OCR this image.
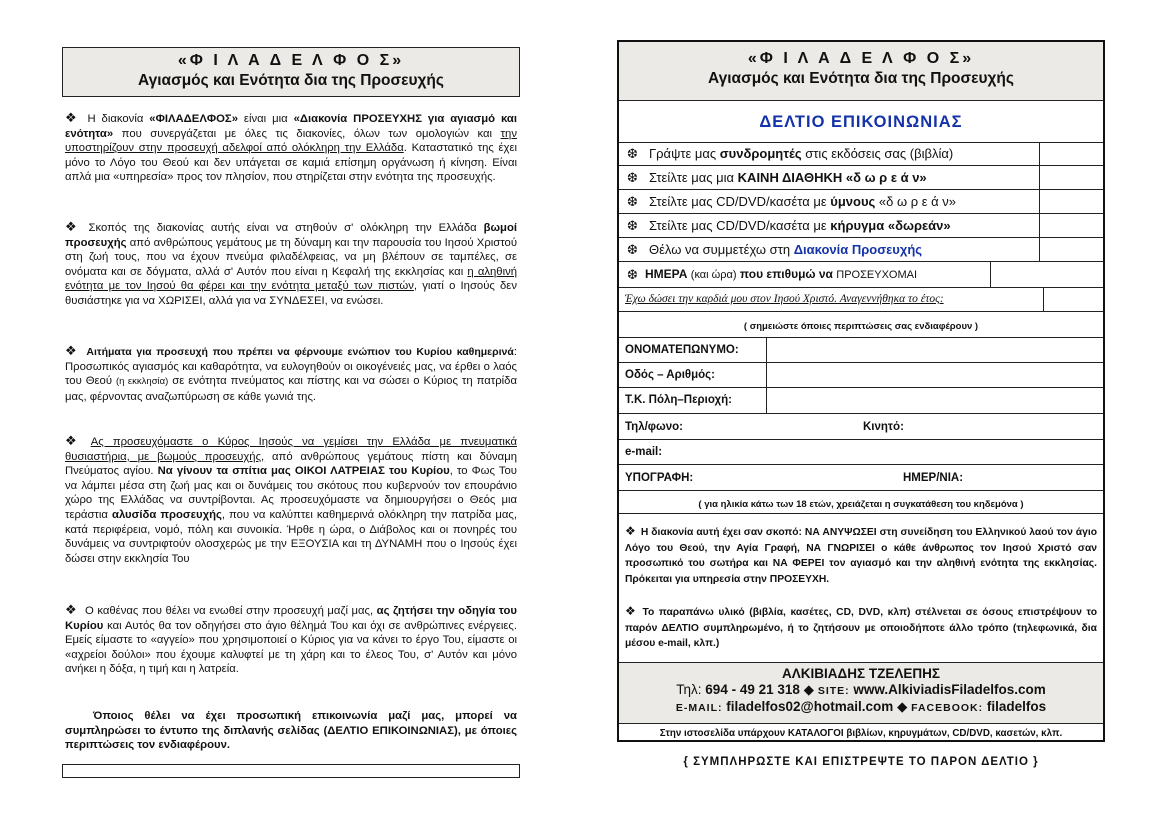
«Φ Ι Λ Α Δ Ε Λ Φ Ο Σ»
Αγιασμός και Ενότητα δια της Προσευχής
❖ Η διακονία «ΦΙΛΑΔΕΛΦΟΣ» είναι μια «Διακονία ΠΡΟΣΕΥΧΗΣ για αγιασμό και ενότητα» που συνεργάζεται με όλες τις διακονίες, όλων των ομολογιών και την υποστηρίζουν στην προσευχή αδελφοί από ολόκληρη την Ελλάδα. Καταστατικό της έχει μόνο το Λόγο του Θεού και δεν υπάγεται σε καμιά επίσημη οργάνωση ή κίνηση. Είναι απλά μια «υπηρεσία» προς τον πλησίον, που στηρίζεται στην ενότητα της προσευχής.
❖ Σκοπός της διακονίας αυτής είναι να στηθούν σ' ολόκληρη την Ελλάδα βωμοί προσευχής από ανθρώπους γεμάτους με τη δύναμη και την παρουσία του Ιησού Χριστού στη ζωή τους, που να έχουν πνεύμα φιλαδέλφειας, να μη βλέπουν σε ταμπέλες, σε ονόματα και σε δόγματα, αλλά σ' Αυτόν που είναι η Κεφαλή της εκκλησίας και η αληθινή ενότητα με τον Ιησού θα φέρει και την ενότητα μεταξύ των πιστών, γιατί ο Ιησούς δεν θυσιάστηκε για να ΧΩΡΙΣΕΙ, αλλά για να ΣΥΝΔΕΣΕΙ, να ενώσει.
❖ Αιτήματα για προσευχή που πρέπει να φέρνουμε ενώπιον του Κυρίου καθημερινά: Προσωπικός αγιασμός και καθαρότητα, να ευλογηθούν οι οικογένειές μας, να έρθει ο λαός του Θεού (η εκκλησία) σε ενότητα πνεύματος και πίστης και να σώσει ο Κύριος τη πατρίδα μας, φέρνοντας αναζωπύρωση σε κάθε γωνιά της.
❖ Ας προσευχόμαστε ο Κύρος Ιησούς να γεμίσει την Ελλάδα με πνευματικά θυσιαστήρια, με βωμούς προσευχής, από ανθρώπους γεμάτους πίστη και δύναμη Πνεύματος αγίου. Να γίνουν τα σπίτια μας ΟΙΚΟΙ ΛΑΤΡΕΙΑΣ του Κυρίου, το Φως Του να λάμπει μέσα στη ζωή μας και οι δυνάμεις του σκότους που κυβερνούν τον επουράνιο χώρο της Ελλάδας να συντρίβονται. Ας προσευχόμαστε να δημιουργήσει ο Θεός μια τεράστια αλυσίδα προσευχής, που να καλύπτει καθημερινά ολόκληρη την πατρίδα μας, κατά περιφέρεια, νομό, πόλη και συνοικία. Ήρθε η ώρα, ο Διάβολος και οι πονηρές του δυνάμεις να συντριφτούν ολοσχερώς με την ΕΞΟΥΣΙΑ και τη ΔΥΝΑΜΗ που ο Ιησούς έχει δώσει στην εκκλησία Του
❖ Ο καθένας που θέλει να ενωθεί στην προσευχή μαζί μας, ας ζητήσει την οδηγία του Κυρίου και Αυτός θα τον οδηγήσει στο άγιο θέλημά Του και όχι σε ανθρώπινες ενέργειες. Εμείς είμαστε το «αγγείο» που χρησιμοποιεί ο Κύριος για να κάνει το έργο Του, είμαστε οι «αχρείοι δούλοι» που έχουμε καλυφτεί με τη χάρη και το έλεος Του, σ' Αυτόν και μόνο ανήκει η δόξα, η τιμή και η λατρεία.
Όποιος θέλει να έχει προσωπική επικοινωνία μαζί μας, μπορεί να συμπληρώσει το έντυπο της διπλανής σελίδας (ΔΕΛΤΙΟ ΕΠΙΚΟΙΝΩΝΙΑΣ), με όποιες περιπτώσεις τον ενδιαφέρουν.
«Φ Ι Λ Α Δ Ε Λ Φ Ο Σ»
Αγιασμός και Ενότητα δια της Προσευχής
ΔΕΛΤΙΟ ΕΠΙΚΟΙΝΩΝΙΑΣ
❆ Γράψτε μας συνδρομητές στις εκδόσεις σας (βιβλία)
❆ Στείλτε μας μια ΚΑΙΝΗ ΔΙΑΘΗΚΗ «δ ω ρ ε ά ν»
❆ Στείλτε μας CD/DVD/κασέτα με ύμνους «δ ω ρ ε ά ν»
❆ Στείλτε μας CD/DVD/κασέτα με κήρυγμα «δωρεάν»
❆ Θέλω να συμμετέχω στη Διακονία Προσευχής
❆ ΗΜΕΡΑ (και ώρα) που επιθυμώ να ΠΡΟΣΕΥΧΟΜΑΙ
Έχω δώσει την καρδιά μου στον Ιησού Χριστό. Αναγεννήθηκα το έτος:
( σημειώστε όποιες περιπτώσεις σας ενδιαφέρουν )
ΟΝΟΜΑΤΕΠΩΝΥΜΟ:
Οδός – Αριθμός:
Τ.Κ. Πόλη–Περιοχή:
Τηλ/φωνο:	Κινητό:
e-mail:
ΥΠΟΓΡΑΦΗ:	ΗΜΕΡ/ΝΙΑ:
( για ηλικία κάτω των 18 ετών, χρειάζεται η συγκατάθεση του κηδεμόνα )
❖ Η διακονία αυτή έχει σαν σκοπό: ΝΑ ΑΝΥΨΩΣΕΙ στη συνείδηση του Ελληνικού λαού τον άγιο Λόγο του Θεού, την Αγία Γραφή, ΝΑ ΓΝΩΡΙΣΕΙ ο κάθε άνθρωπος τον Ιησού Χριστό σαν προσωπικό του σωτήρα και ΝΑ ΦΕΡΕΙ τον αγιασμό και την αληθινή ενότητα της εκκλησίας. Πρόκειται για υπηρεσία στην ΠΡΟΣΕΥΧΗ.
❖ Το παραπάνω υλικό (βιβλία, κασέτες, CD, DVD, κλπ) στέλνεται σε όσους επιστρέψουν το παρόν ΔΕΛΤΙΟ συμπληρωμένο, ή το ζητήσουν με οποιοδήποτε άλλο τρόπο (τηλεφωνικά, δια μέσου e-mail, κλπ.)
ΑΛΚΙΒΙΑΔΗΣ ΤΖΕΛΕΠΗΣ
Τηλ: 694 - 49 21 318 ◆ SITE: www.AlkiviadisFiladelfos.com
E-MAIL: filadelfos02@hotmail.com ◆ FACEBOOK: filadelfos
Στην ιστοσελίδα υπάρχουν ΚΑΤΑΛΟΓΟΙ βιβλίων, κηρυγμάτων, CD/DVD, κασετών, κλπ.
{ ΣΥΜΠΛΗΡΩΣΤΕ ΚΑΙ ΕΠΙΣΤΡΕΨΤΕ ΤΟ ΠΑΡΟΝ ΔΕΛΤΙΟ }
